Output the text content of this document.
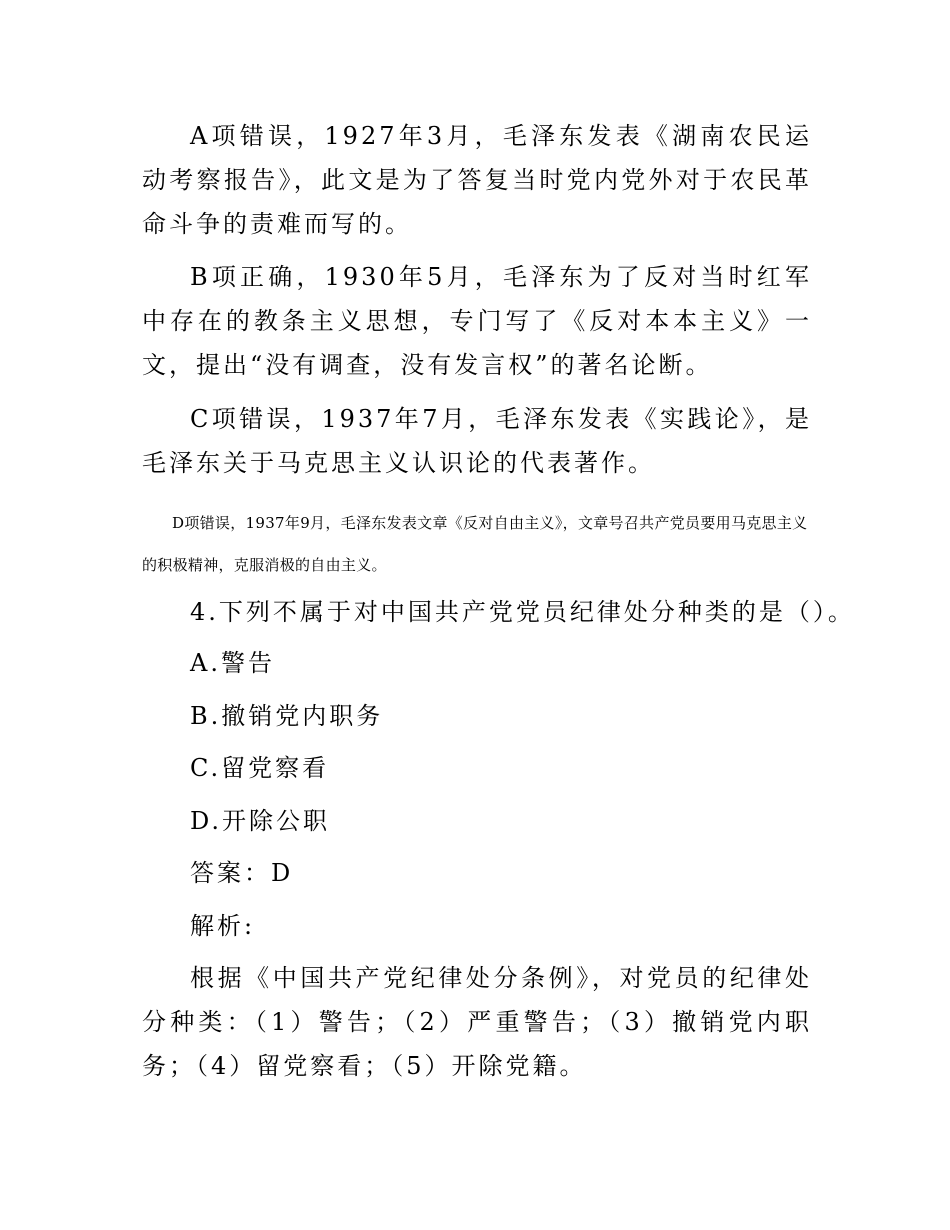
A项错误，1927年3月，毛泽东发表《湖南农民运动考察报告》，此文是为了答复当时党内党外对于农民革命斗争的责难而写的。

B项正确，1930年5月，毛泽东为了反对当时红军中存在的教条主义思想，专门写了《反对本本主义》一文，提出“没有调查，没有发言权”的著名论断。

C项错误，1937年7月，毛泽东发表《实践论》，是毛泽东关于马克思主义认识论的代表著作。

D项错误，1937年9月，毛泽东发表文章《反对自由主义》，文章号召共产党员要用马克思主义的积极精神，克服消极的自由主义。

4.下列不属于对中国共产党党员纪律处分种类的是（）。

A.警告

B.撤销党内职务

C.留党察看

D.开除公职

答案：D

解析:

根据《中国共产党纪律处分条例》，对党员的纪律处分种类：（1）警告；（2）严重警告；（3）撤销党内职务；（4）留党察看；（5）开除党籍。
